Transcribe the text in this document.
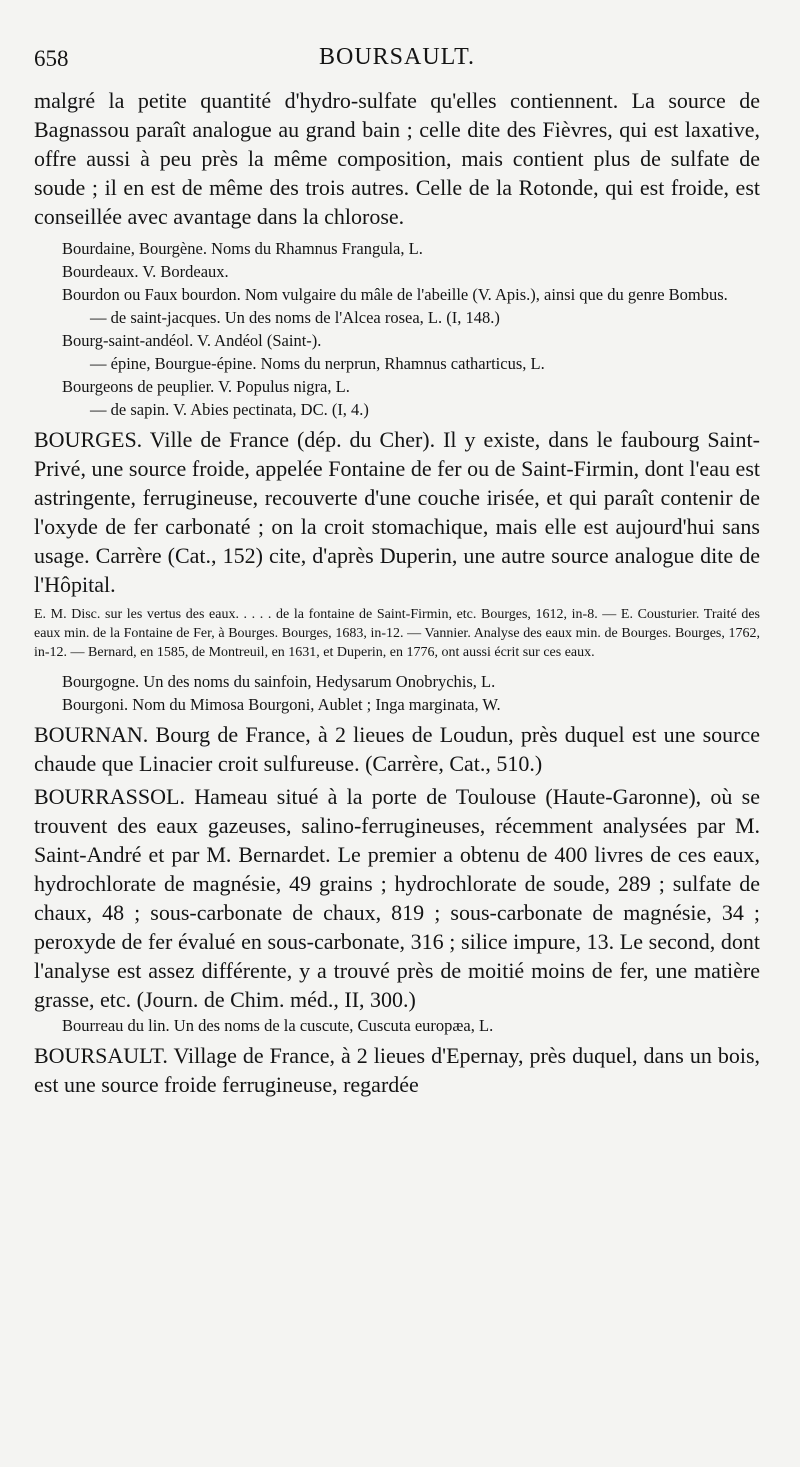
658	BOURSAULT.

malgré la petite quantité d'hydro-sulfate qu'elles contiennent. La source de Bagnassou paraît analogue au grand bain ; celle dite des Fièvres, qui est laxative, offre aussi à peu près la même composition, mais contient plus de sulfate de soude ; il en est de même des trois autres. Celle de la Rotonde, qui est froide, est conseillée avec avantage dans la chlorose.

Bourdaine, Bourgène. Noms du Rhamnus Frangula, L.

Bourdeaux. V. Bordeaux.

Bourdon ou Faux bourdon. Nom vulgaire du mâle de l'abeille (V. Apis.), ainsi que du genre Bombus.

— de saint-jacques. Un des noms de l'Alcea rosea, L. (I, 148.)

Bourg-saint-andéol. V. Andéol (Saint-).

— épine, Bourgue-épine. Noms du nerprun, Rhamnus catharticus, L.

Bourgeons de peuplier. V. Populus nigra, L.

— de sapin. V. Abies pectinata, DC. (I, 4.)

BOURGES. Ville de France (dép. du Cher). Il y existe, dans le faubourg Saint-Privé, une source froide, appelée Fontaine de fer ou de Saint-Firmin, dont l'eau est astringente, ferrugineuse, recouverte d'une couche irisée, et qui paraît contenir de l'oxyde de fer carbonaté ; on la croit stomachique, mais elle est aujourd'hui sans usage. Carrère (Cat., 152) cite, d'après Duperin, une autre source analogue dite de l'Hôpital.

E. M. Disc. sur les vertus des eaux. . . . . de la fontaine de Saint-Firmin, etc. Bourges, 1612, in-8. — E. Cousturier. Traité des eaux min. de la Fontaine de Fer, à Bourges. Bourges, 1683, in-12. — Vannier. Analyse des eaux min. de Bourges. Bourges, 1762, in-12. — Bernard, en 1585, de Montreuil, en 1631, et Duperin, en 1776, ont aussi écrit sur ces eaux.

Bourgogne. Un des noms du sainfoin, Hedysarum Onobrychis, L.

Bourgoni. Nom du Mimosa Bourgoni, Aublet ; Inga marginata, W.

BOURNAN. Bourg de France, à 2 lieues de Loudun, près duquel est une source chaude que Linacier croit sulfureuse. (Carrère, Cat., 510.)

BOURRASSOL. Hameau situé à la porte de Toulouse (Haute-Garonne), où se trouvent des eaux gazeuses, salino-ferrugineuses, récemment analysées par M. Saint-André et par M. Bernardet. Le premier a obtenu de 400 livres de ces eaux, hydrochlorate de magnésie, 49 grains ; hydrochlorate de soude, 289 ; sulfate de chaux, 48 ; sous-carbonate de chaux, 819 ; sous-carbonate de magnésie, 34 ; peroxyde de fer évalué en sous-carbonate, 316 ; silice impure, 13. Le second, dont l'analyse est assez différente, y a trouvé près de moitié moins de fer, une matière grasse, etc. (Journ. de Chim. méd., II, 300.)

Bourreau du lin. Un des noms de la cuscute, Cuscuta europæa, L.

BOURSAULT. Village de France, à 2 lieues d'Epernay, près duquel, dans un bois, est une source froide ferrugineuse, regardée
